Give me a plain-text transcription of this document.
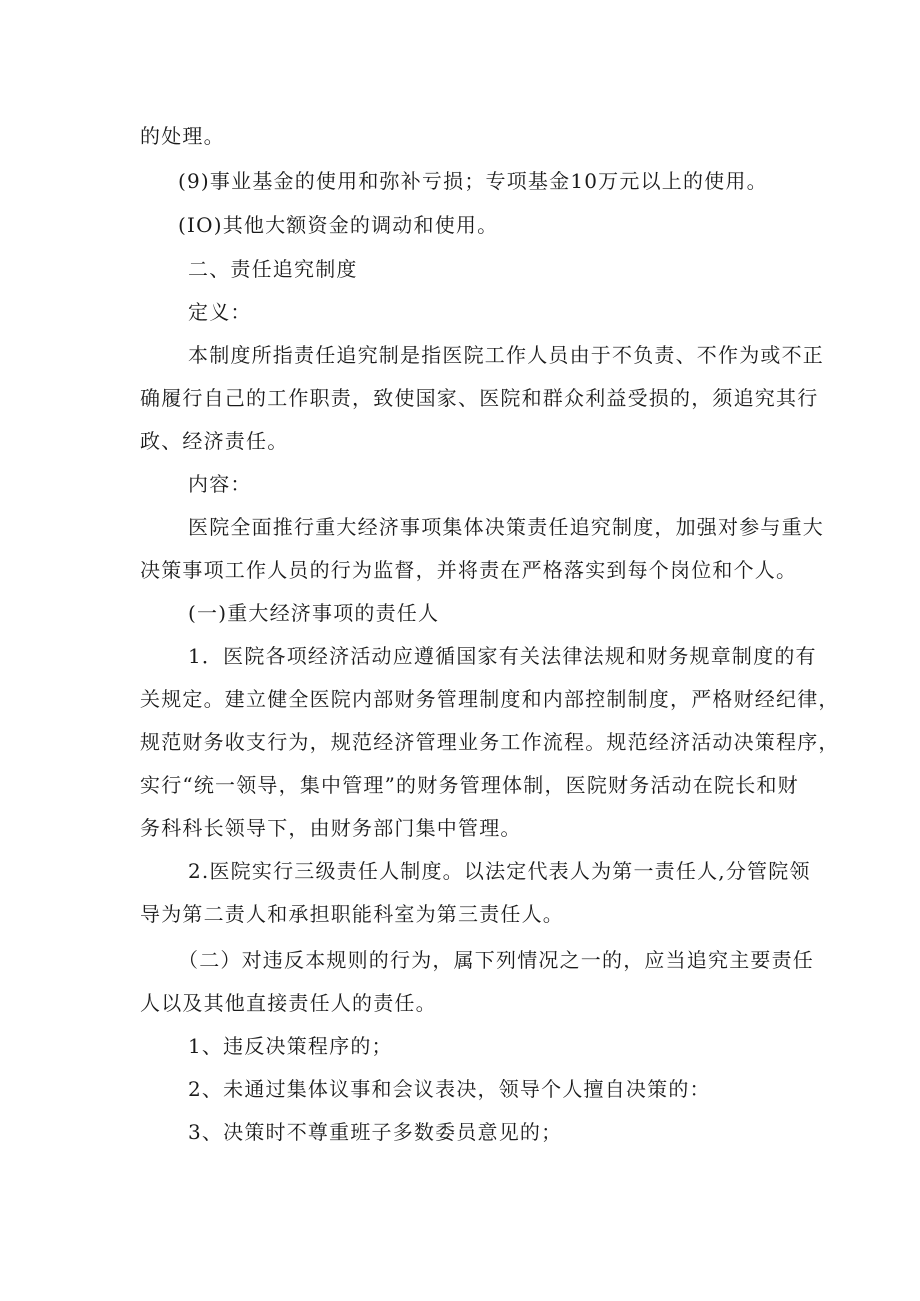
的处理。
(9)事业基金的使用和弥补亏损；专项基金10万元以上的使用。
(IO)其他大额资金的调动和使用。
二、责任追究制度
定义：
本制度所指责任追究制是指医院工作人员由于不负责、不作为或不正
确履行自己的工作职责，致使国家、医院和群众利益受损的，须追究其行
政、经济责任。
内容：
医院全面推行重大经济事项集体决策责任追究制度，加强对参与重大
决策事项工作人员的行为监督，并将责在严格落实到每个岗位和个人。
(一)重大经济事项的责任人
1．医院各项经济活动应遵循国家有关法律法规和财务规章制度的有
关规定。建立健全医院内部财务管理制度和内部控制制度，严格财经纪律，
规范财务收支行为，规范经济管理业务工作流程。规范经济活动决策程序，
实行“统一领导，集中管理”的财务管理体制，医院财务活动在院长和财
务科科长领导下，由财务部门集中管理。
2.医院实行三级责任人制度。以法定代表人为第一责任人,分管院领
导为第二责人和承担职能科室为第三责任人。
（二）对违反本规则的行为，属下列情况之一的，应当追究主要责任
人以及其他直接责任人的责任。
1、违反决策程序的；
2、未通过集体议事和会议表决，领导个人擅自决策的：
3、决策时不尊重班子多数委员意见的；
